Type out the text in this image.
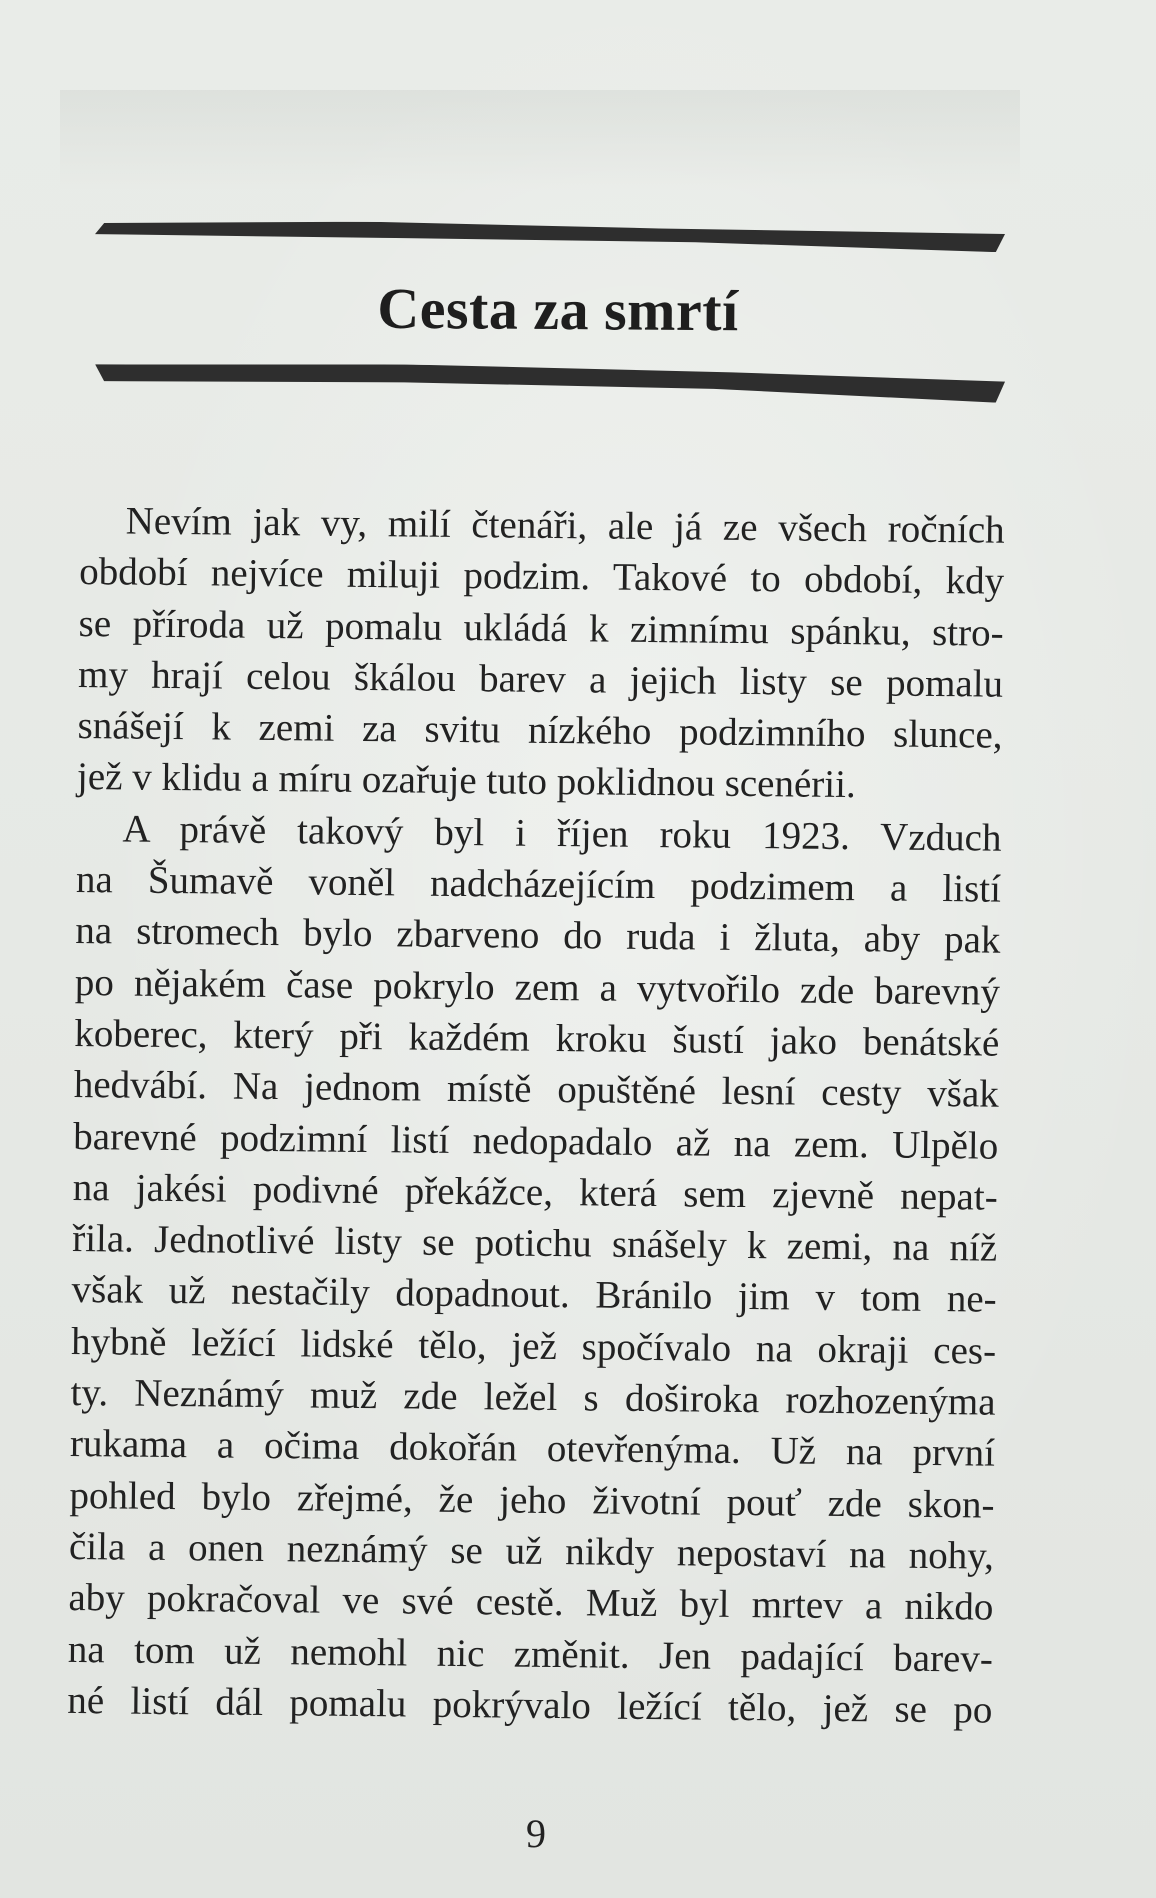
Cesta za smrtí
Nevím jak vy, milí čtenáři, ale já ze všech ročních
období nejvíce miluji podzim. Takové to období, kdy
se příroda už pomalu ukládá k zimnímu spánku, stro-
my hrají celou škálou barev a jejich listy se pomalu
snášejí k zemi za svitu nízkého podzimního slunce,
jež v klidu a míru ozařuje tuto poklidnou scenérii.
A právě takový byl i říjen roku 1923. Vzduch
na Šumavě voněl nadcházejícím podzimem a listí
na stromech bylo zbarveno do ruda i žluta, aby pak
po nějakém čase pokrylo zem a vytvořilo zde barevný
koberec, který při každém kroku šustí jako benátské
hedvábí. Na jednom místě opuštěné lesní cesty však
barevné podzimní listí nedopadalo až na zem. Ulpělo
na jakési podivné překážce, která sem zjevně nepat-
řila. Jednotlivé listy se potichu snášely k zemi, na níž
však už nestačily dopadnout. Bránilo jim v tom ne-
hybně ležící lidské tělo, jež spočívalo na okraji ces-
ty. Neznámý muž zde ležel s doširoka rozhozenýma
rukama a očima dokořán otevřenýma. Už na první
pohled bylo zřejmé, že jeho životní pouť zde skon-
čila a onen neznámý se už nikdy nepostaví na nohy,
aby pokračoval ve své cestě. Muž byl mrtev a nikdo
na tom už nemohl nic změnit. Jen padající barev-
né listí dál pomalu pokrývalo ležící tělo, jež se po
9
